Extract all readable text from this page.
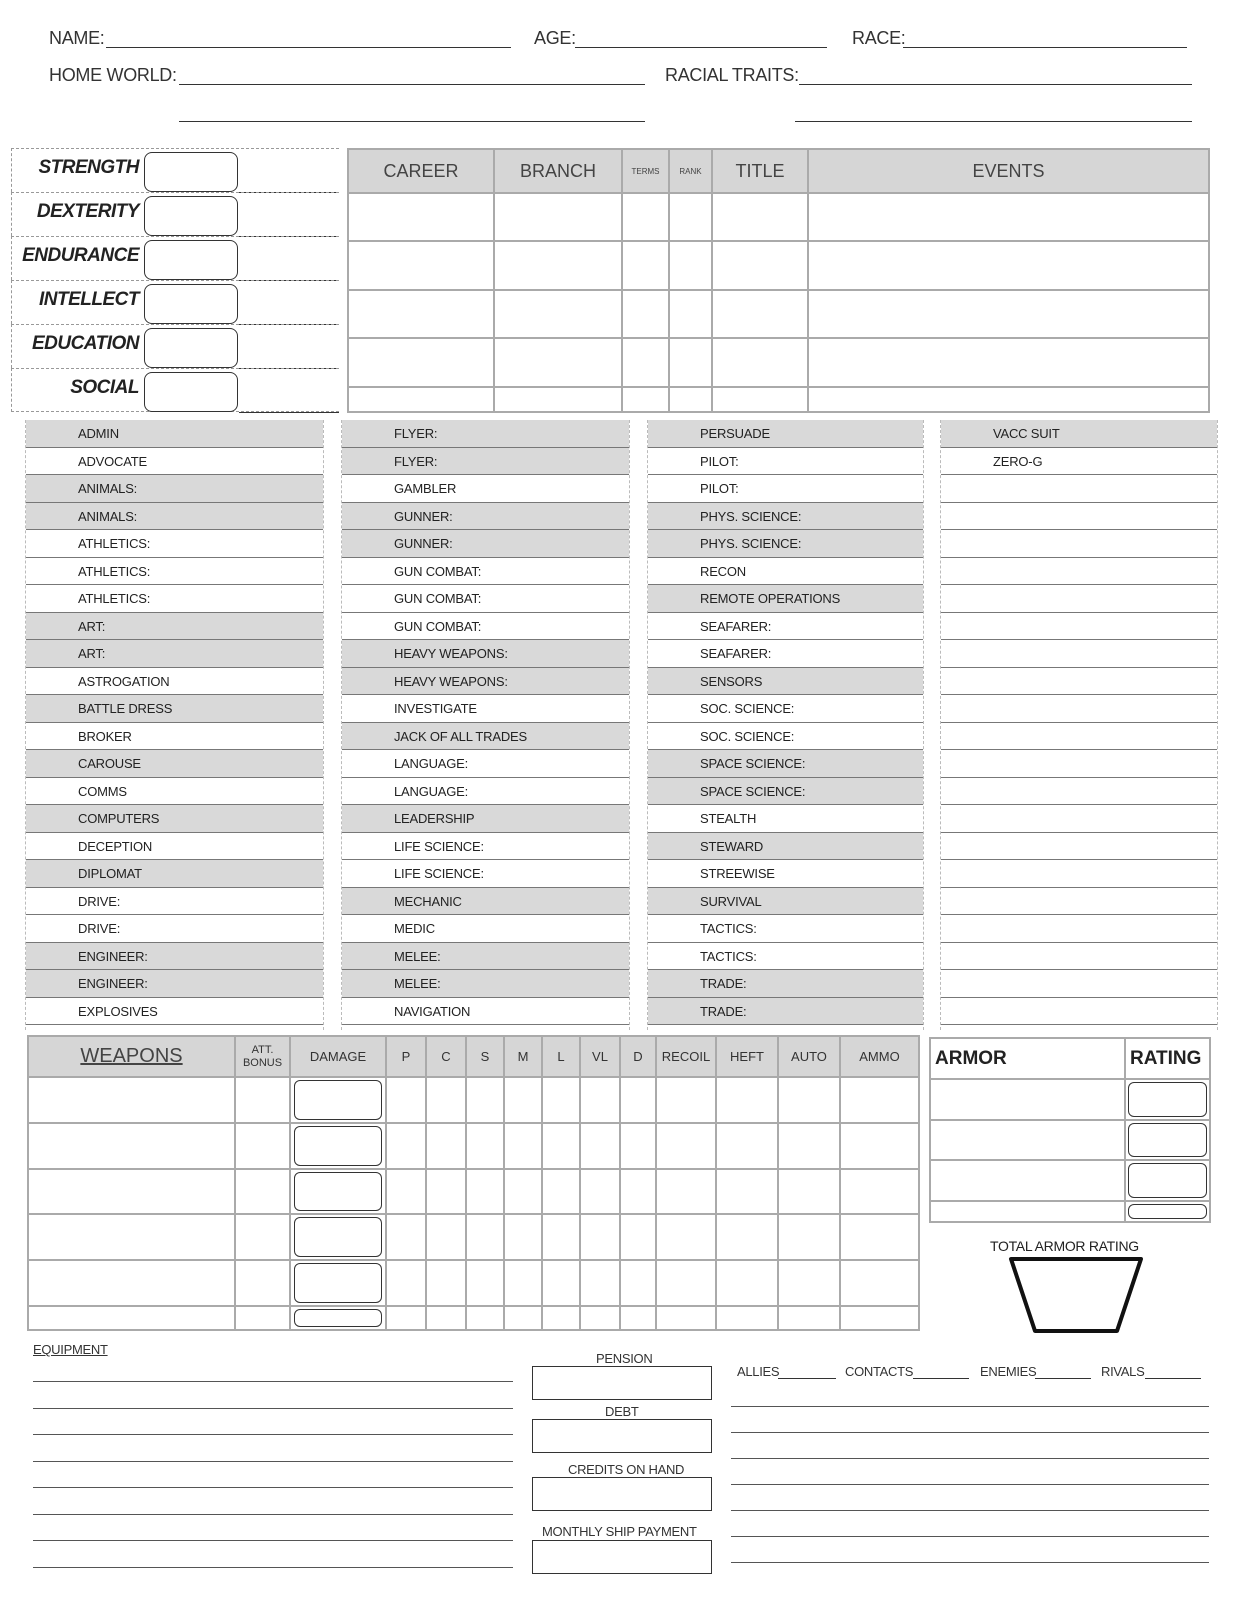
NAME:	AGE:	RACE:
HOME WORLD:	RACIAL TRAITS:
STRENGTH
DEXTERITY
ENDURANCE
INTELLECT
EDUCATION
SOCIAL
CAREER	BRANCH	TERMS	RANK	TITLE	EVENTS

ADMIN
ADVOCATE
ANIMALS:
ANIMALS:
ATHLETICS:
ATHLETICS:
ATHLETICS:
ART:
ART:
ASTROGATION
BATTLE DRESS
BROKER
CAROUSE
COMMS
COMPUTERS
DECEPTION
DIPLOMAT
DRIVE:
DRIVE:
ENGINEER:
ENGINEER:
EXPLOSIVES
FLYER:
FLYER:
GAMBLER
GUNNER:
GUNNER:
GUN COMBAT:
GUN COMBAT:
GUN COMBAT:
HEAVY WEAPONS:
HEAVY WEAPONS:
INVESTIGATE
JACK OF ALL TRADES
LANGUAGE:
LANGUAGE:
LEADERSHIP
LIFE SCIENCE:
LIFE SCIENCE:
MECHANIC
MEDIC
MELEE:
MELEE:
NAVIGATION
PERSUADE
PILOT:
PILOT:
PHYS. SCIENCE:
PHYS. SCIENCE:
RECON
REMOTE OPERATIONS
SEAFARER:
SEAFARER:
SENSORS
SOC. SCIENCE:
SOC. SCIENCE:
SPACE SCIENCE:
SPACE SCIENCE:
STEALTH
STEWARD
STREEWISE
SURVIVAL
TACTICS:
TACTICS:
TRADE:
TRADE:
VACC SUIT
ZERO-G
WEAPONS	ATT. BONUS	DAMAGE	P	C	S	M	L	VL	D	RECOIL	HEFT	AUTO	AMMO

											ARMOR	RATING

TOTAL ARMOR RATING
EQUIPMENT
PENSION
DEBT
CREDITS ON HAND
MONTHLY SHIP PAYMENT
ALLIES	CONTACTS	ENEMIES	RIVALS
